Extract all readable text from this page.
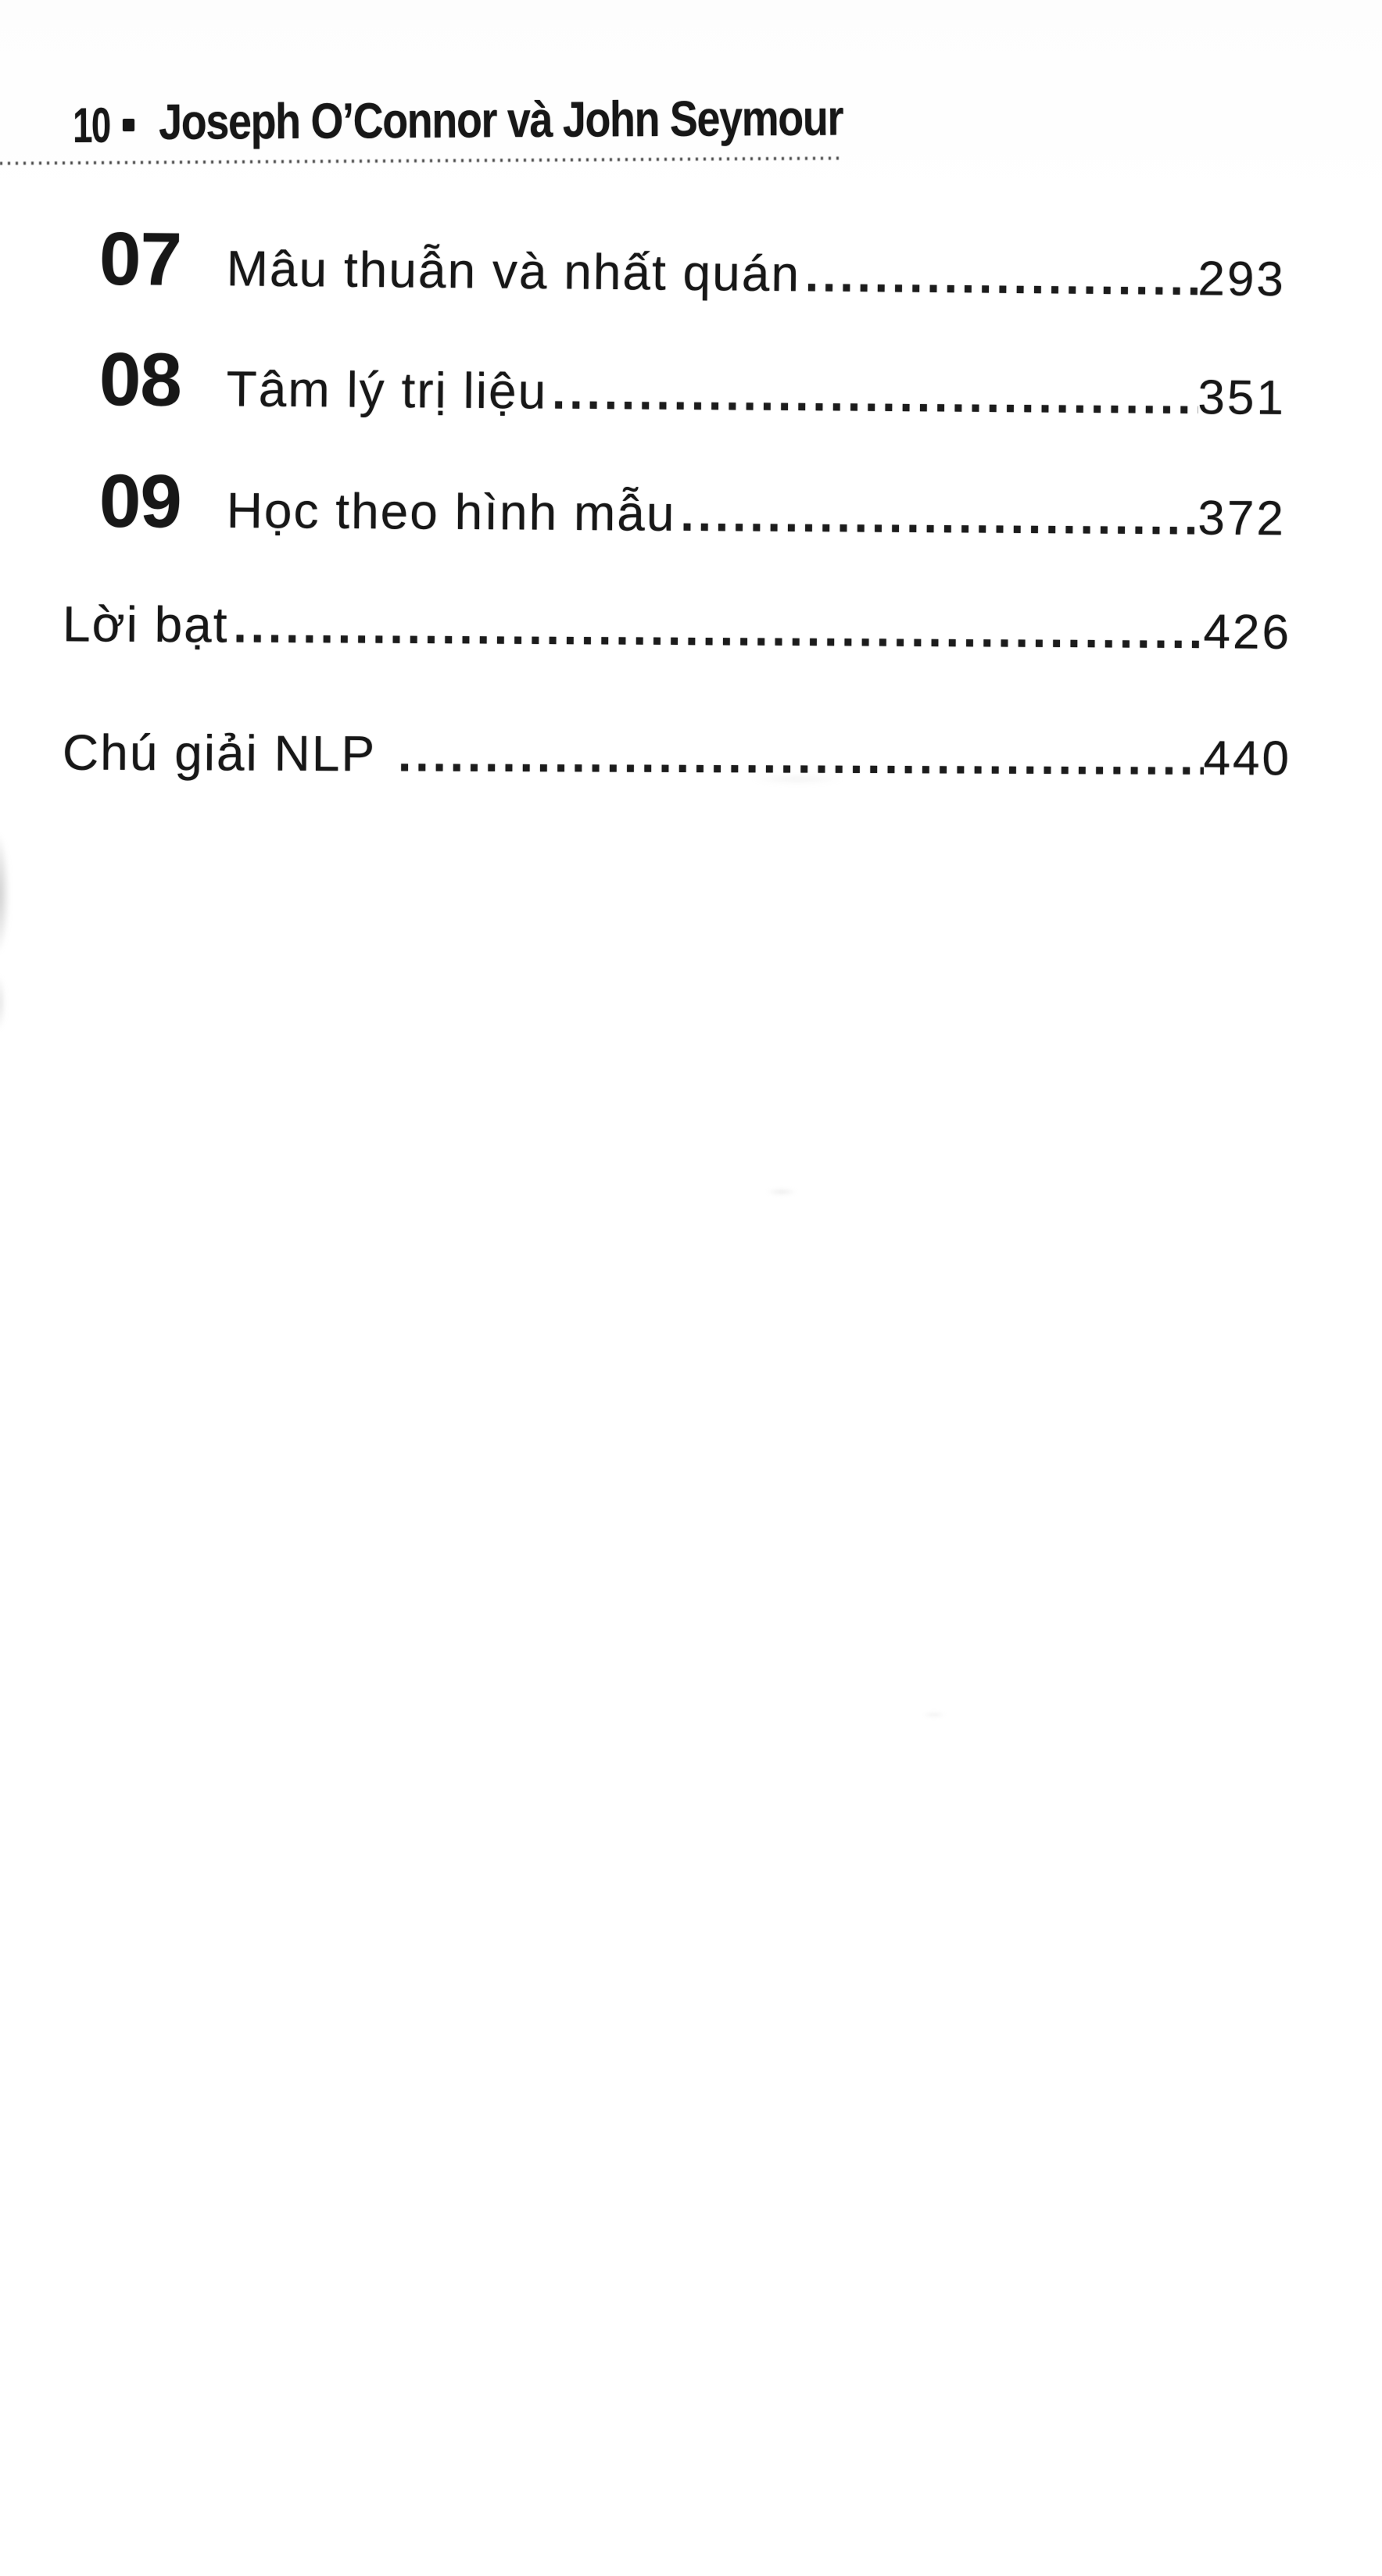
10 Joseph O’Connor và John Seymour
07 Mâu thuẫn và nhất quán .....	293
08 Tâm lý trị liệu .....	351
09 Học theo hình mẫu .....	372
Lời bạt .....	426
Chú giải NLP .....	440
